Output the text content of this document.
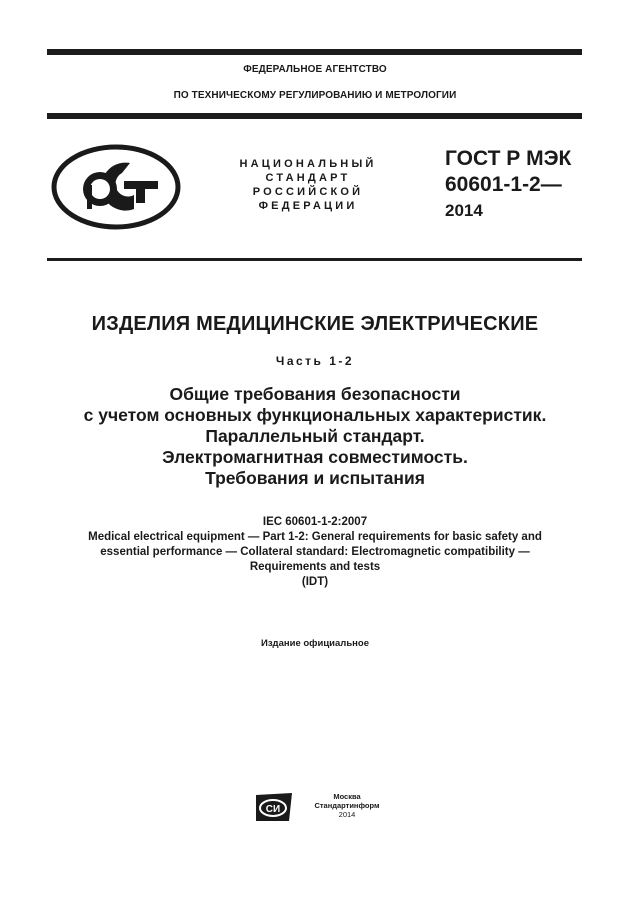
ФЕДЕРАЛЬНОЕ АГЕНТСТВО
ПО ТЕХНИЧЕСКОМУ РЕГУЛИРОВАНИЮ И МЕТРОЛОГИИ
НАЦИОНАЛЬНЫЙ
СТАНДАРТ
РОССИЙСКОЙ
ФЕДЕРАЦИИ
ГОСТ Р МЭК
60601-1-2—
2014
ИЗДЕЛИЯ МЕДИЦИНСКИЕ ЭЛЕКТРИЧЕСКИЕ
Часть 1-2
Общие требования безопасности
с учетом основных функциональных характеристик.
Параллельный стандарт.
Электромагнитная совместимость.
Требования и испытания
IEC 60601-1-2:2007
Medical electrical equipment — Part 1-2: General requirements for basic safety and
essential performance — Collateral standard: Electromagnetic compatibility —
Requirements and tests
(IDT)
Издание официальное
СИ
Москва
Стандартинформ
2014
